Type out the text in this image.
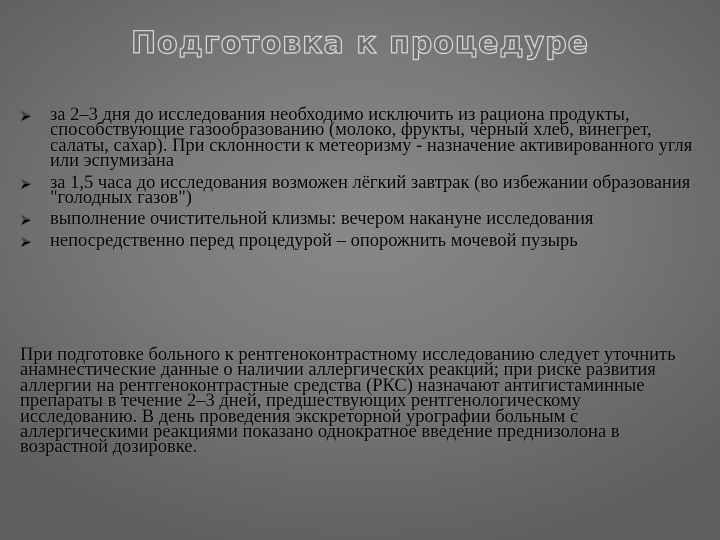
Подготовка к процедуре
за 2–3 дня до исследования необходимо исключить из рациона продукты, способствующие газообразованию (молоко, фрукты, черный хлеб, винегрет, салаты, сахар). При склонности к метеоризму - назначение активированного угля или эспумизана
за 1,5 часа до исследования возможен лёгкий завтрак (во избежании образования "голодных газов")
выполнение очистительной клизмы: вечером накануне исследования
непосредственно перед процедурой – опорожнить мочевой пузырь

При подготовке больного к рентгеноконтрастному исследованию следует уточнить анамнестические данные о наличии аллергических реакций; при риске развития аллергии на рентгеноконтрастные средства (РКС) назначают антигистаминные препараты в течение 2–3 дней, предшествующих рентгенологическому исследованию. В день проведения экскреторной урографии больным с аллергическими реакциями показано однократное введение преднизолона в возрастной дозировке.
